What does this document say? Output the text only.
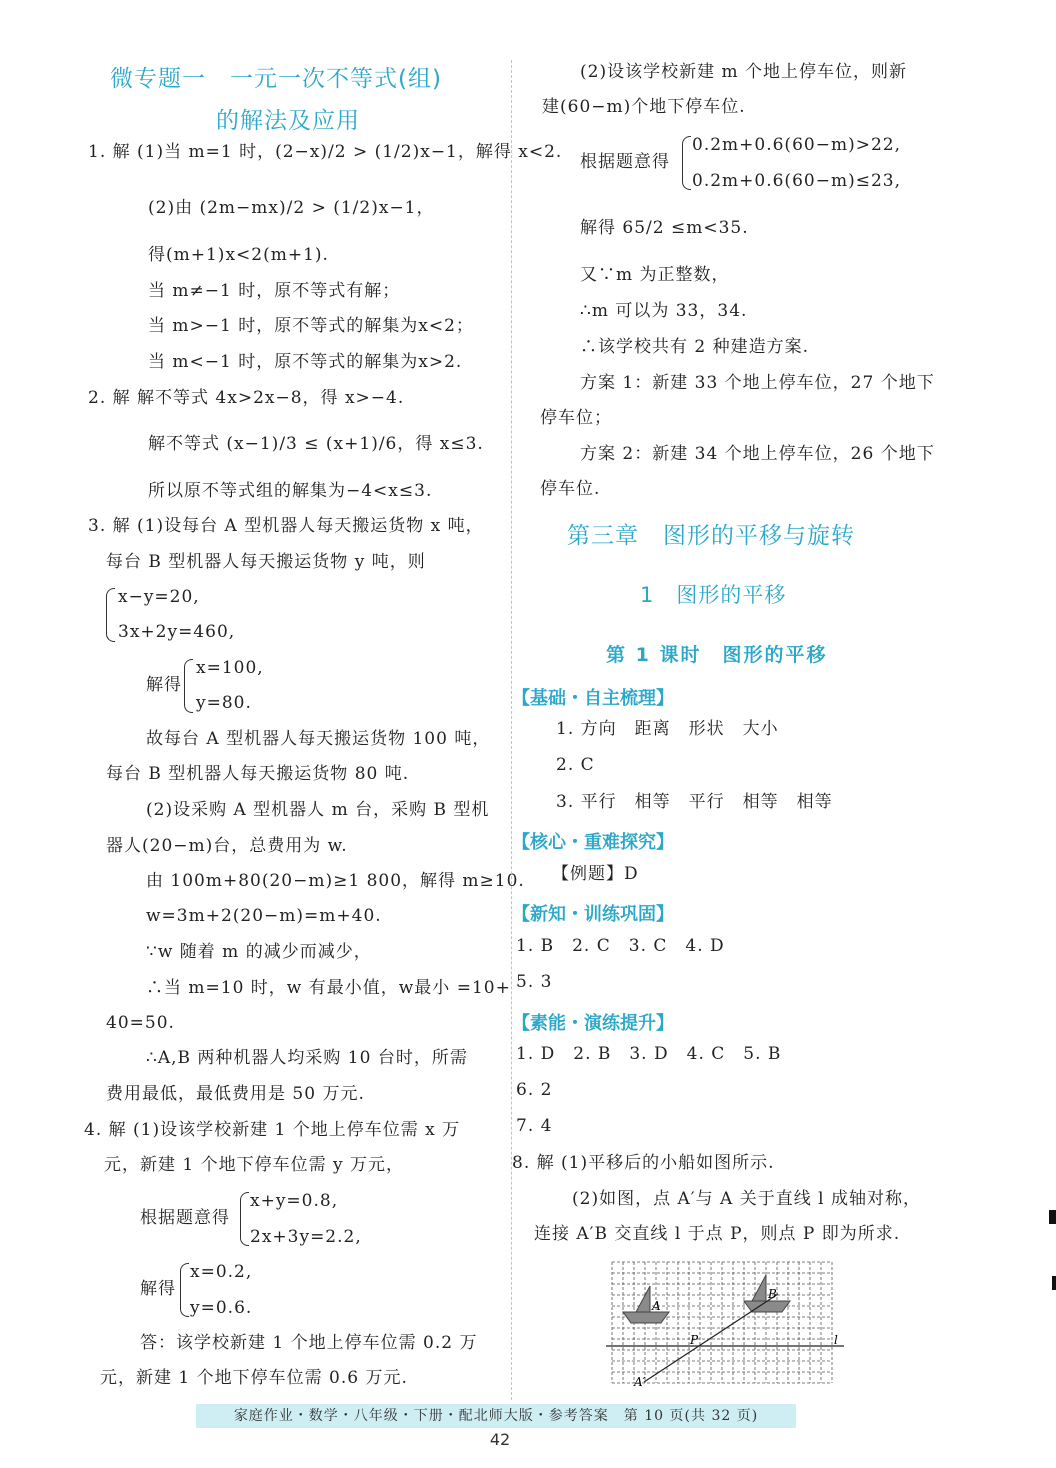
微专题一　一元一次不等式(组)
的解法及应用
1. 解 (1)当 m=1 时，(2−x)/2 > (1/2)x−1，解得 x<2.
(2)由 (2m−mx)/2 > (1/2)x−1，
得(m+1)x<2(m+1).
当 m≠−1 时，原不等式有解；
当 m>−1 时，原不等式的解集为x<2；
当 m<−1 时，原不等式的解集为x>2.
2. 解 解不等式 4x>2x−8，得 x>−4.
解不等式 (x−1)/3 ≤ (x+1)/6，得 x≤3.
所以原不等式组的解集为−4<x≤3.
3. 解 (1)设每台 A 型机器人每天搬运货物 x 吨，
每台 B 型机器人每天搬运货物 y 吨，则
x−y=20,
3x+2y=460,
解得
x=100,
y=80.
故每台 A 型机器人每天搬运货物 100 吨，
每台 B 型机器人每天搬运货物 80 吨.
(2)设采购 A 型机器人 m 台，采购 B 型机
器人(20−m)台，总费用为 w.
由 100m+80(20−m)≥1 800，解得 m≥10.
w=3m+2(20−m)=m+40.
∵w 随着 m 的减少而减少，
∴当 m=10 时，w 有最小值，w最小 =10+
40=50.
∴A,B 两种机器人均采购 10 台时，所需
费用最低，最低费用是 50 万元.
4. 解 (1)设该学校新建 1 个地上停车位需 x 万
元，新建 1 个地下停车位需 y 万元，
根据题意得
x+y=0.8,
2x+3y=2.2,
解得
x=0.2,
y=0.6.
答：该学校新建 1 个地上停车位需 0.2 万
元，新建 1 个地下停车位需 0.6 万元.
(2)设该学校新建 m 个地上停车位，则新
建(60−m)个地下停车位.
根据题意得
0.2m+0.6(60−m)>22,
0.2m+0.6(60−m)≤23,
解得 65/2 ≤m<35.
又∵m 为正整数，
∴m 可以为 33，34.
∴该学校共有 2 种建造方案.
方案 1：新建 33 个地上停车位，27 个地下
停车位；
方案 2：新建 34 个地上停车位，26 个地下
停车位.
第三章　图形的平移与旋转
1　图形的平移
第 1 课时　图形的平移
【基础・自主梳理】
1. 方向　距离　形状　大小
2. C
3. 平行　相等　平行　相等　相等
【核心・重难探究】
【例题】D
【新知・训练巩固】
1. B　2. C　3. C　4. D
5. 3
【素能・演练提升】
1. D　2. B　3. D　4. C　5. B
6. 2
7. 4
8. 解 (1)平移后的小船如图所示.
(2)如图，点 A′与 A 关于直线 l 成轴对称，
连接 A′B 交直线 l 于点 P，则点 P 即为所求.
A
B
P	l
A′
家庭作业・数学・八年级・下册・配北师大版・参考答案　第 10 页(共 32 页)
42
